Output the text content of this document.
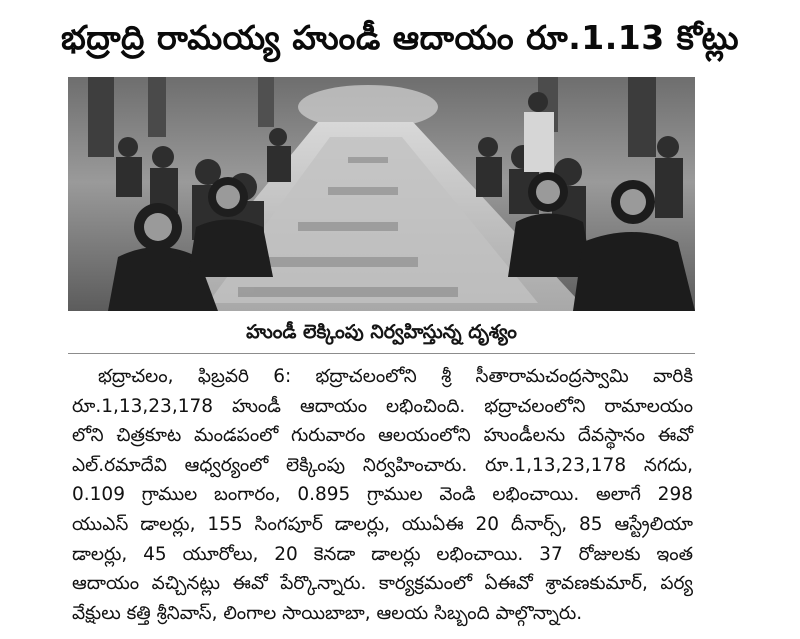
భద్రాద్రి రామయ్య హుండీ ఆదాయం రూ.1.13 కోట్లు

హుండీ లెక్కింపు నిర్వహిస్తున్న దృశ్యం

భద్రాచలం, ఫిబ్రవరి 6: భద్రాచలంలోని శ్రీ సీతారామచంద్రస్వామి వారికి
రూ.1,13,23,178 హుండీ ఆదాయం లభించింది. భద్రాచలంలోని రామాలయం
లోని చిత్రకూట మండపంలో గురువారం ఆలయంలోని హుండీలను దేవస్థానం ఈవో
ఎల్.రమాదేవి ఆధ్వర్యంలో లెక్కింపు నిర్వహించారు. రూ.1,13,23,178 నగదు,
0.109 గ్రాముల బంగారం, 0.895 గ్రాముల వెండి లభించాయి. అలాగే 298
యుఎస్ డాలర్లు, 155 సింగపూర్ డాలర్లు, యుఏఈ 20 దీనార్స్, 85 ఆస్ట్రేలియా
డాలర్లు, 45 యూరోలు, 20 కెనడా డాలర్లు లభించాయి. 37 రోజులకు ఇంత
ఆదాయం వచ్చినట్లు ఈవో పేర్కొన్నారు. కార్యక్రమంలో ఏఈవో శ్రావణకుమార్, పర్య
వేక్షులు కత్తి శ్రీనివాస్, లింగాల సాయిబాబా, ఆలయ సిబ్బంది పాల్గొన్నారు.
